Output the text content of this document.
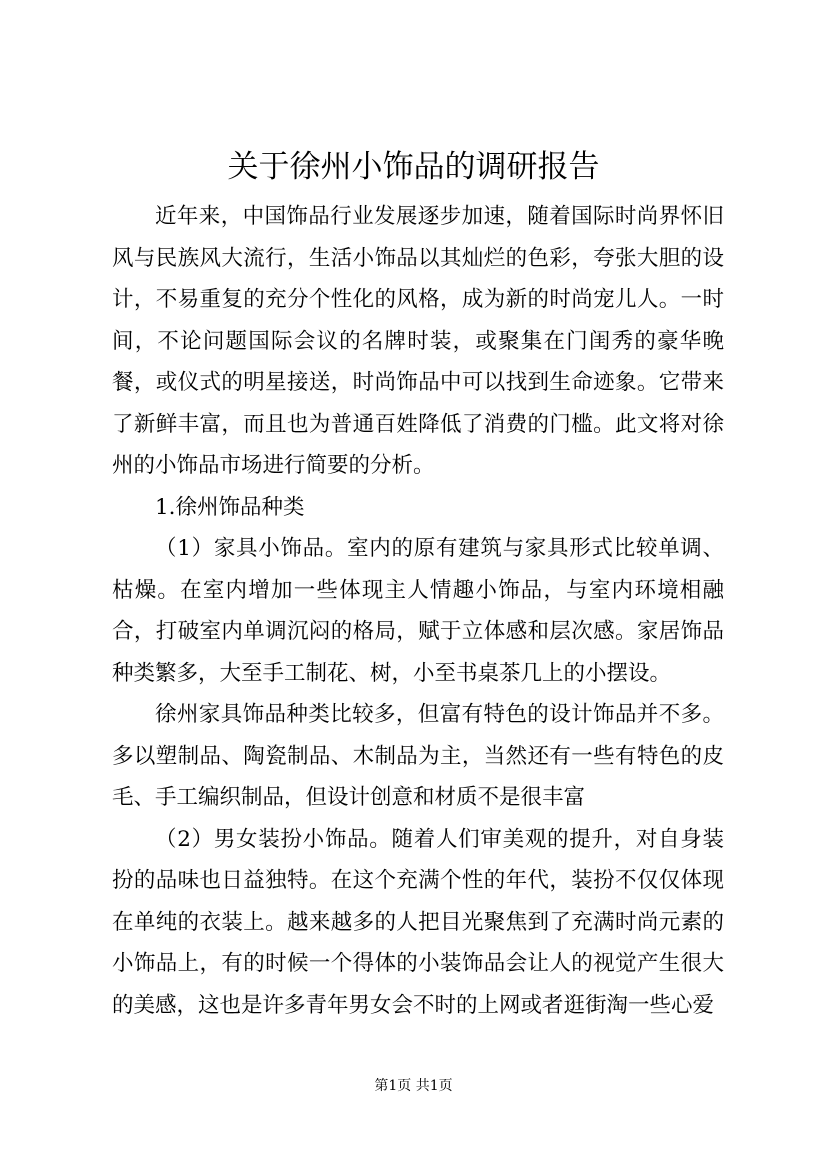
关于徐州小饰品的调研报告

近年来，中国饰品行业发展逐步加速，随着国际时尚界怀旧风与民族风大流行，生活小饰品以其灿烂的色彩，夸张大胆的设计，不易重复的充分个性化的风格，成为新的时尚宠儿人。一时间，不论问题国际会议的名牌时装，或聚集在门闺秀的豪华晚餐，或仪式的明星接送，时尚饰品中可以找到生命迹象。它带来了新鲜丰富，而且也为普通百姓降低了消费的门槛。此文将对徐州的小饰品市场进行简要的分析。

1.徐州饰品种类

（1）家具小饰品。室内的原有建筑与家具形式比较单调、枯燥。在室内增加一些体现主人情趣小饰品，与室内环境相融合，打破室内单调沉闷的格局，赋于立体感和层次感。家居饰品种类繁多，大至手工制花、树，小至书桌茶几上的小摆设。

徐州家具饰品种类比较多，但富有特色的设计饰品并不多。多以塑制品、陶瓷制品、木制品为主，当然还有一些有特色的皮毛、手工编织制品，但设计创意和材质不是很丰富

（2）男女装扮小饰品。随着人们审美观的提升，对自身装扮的品味也日益独特。在这个充满个性的年代，装扮不仅仅体现在单纯的衣装上。越来越多的人把目光聚焦到了充满时尚元素的小饰品上，有的时候一个得体的小装饰品会让人的视觉产生很大的美感，这也是许多青年男女会不时的上网或者逛街淘一些心爱

第1页 共1页
